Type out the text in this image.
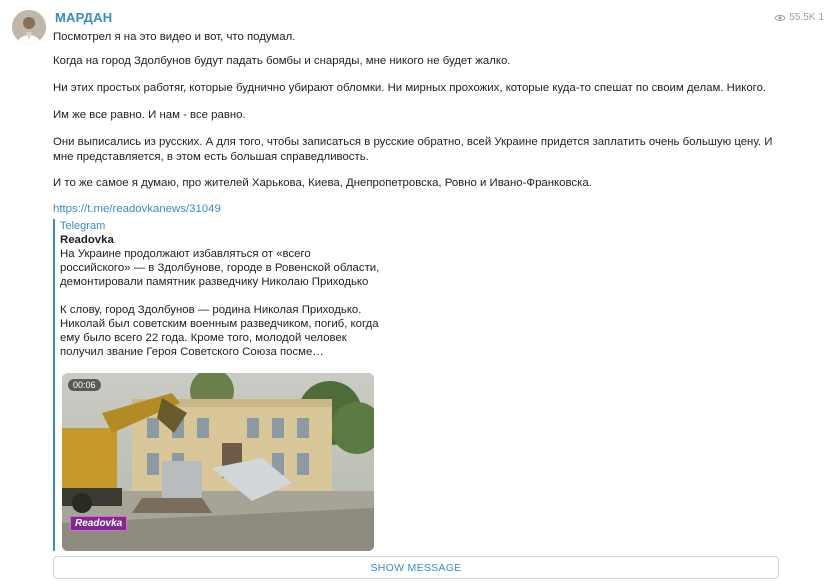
МАРДАН	55.5K 1

Посмотрел я на это видео и вот, что подумал.

Когда на город Здолбунов будут падать бомбы и снаряды, мне никого не будет жалко.

Ни этих простых работяг, которые буднично убирают обломки. Ни мирных прохожих, которые куда-то спешат по своим делам. Никого.

Им же все равно. И нам - все равно.

Они выписались из русских. А для того, чтобы записаться в русские обратно, всей Украине придется заплатить очень большую цену. И мне представляется, в этом есть большая справедливость.

И то же самое я думаю, про жителей Харькова, Киева, Днепропетровска, Ровно и Ивано-Франковска.

https://t.me/readovkanews/31049
Telegram
Readovka
На Украине продолжают избавляться от «всего российского» — в Здолбунове, городе в Ровенской области, демонтировали памятник разведчику Николаю Приходько

К слову, город Здолбунов — родина Николая Приходько. Николай был советским военным разведчиком, погиб, когда ему было всего 22 года. Кроме того, молодой человек получил звание Героя Советского Союза посме…
00:06
Readovka
SHOW MESSAGE
